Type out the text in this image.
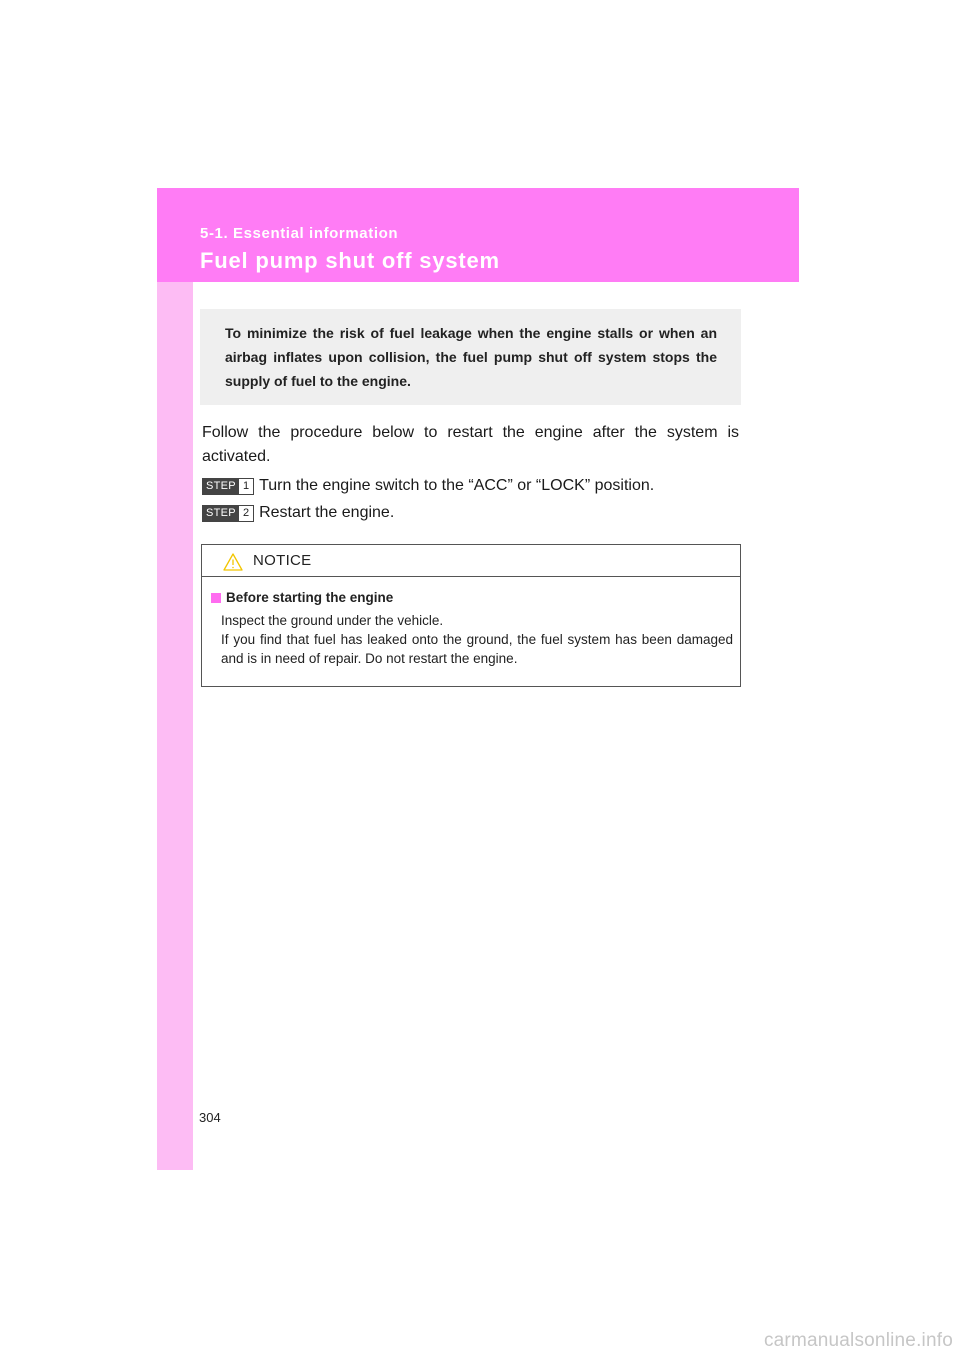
5-1. Essential information
Fuel pump shut off system

To minimize the risk of fuel leakage when the engine stalls or when an airbag inflates upon collision, the fuel pump shut off system stops the supply of fuel to the engine.

Follow the procedure below to restart the engine after the system is activated.

STEP 1 Turn the engine switch to the “ACC” or “LOCK” position.
STEP 2 Restart the engine.
NOTICE
Before starting the engine

Inspect the ground under the vehicle.
If you find that fuel has leaked onto the ground, the fuel system has been damaged and is in need of repair. Do not restart the engine.

304
carmanualsonline.info
